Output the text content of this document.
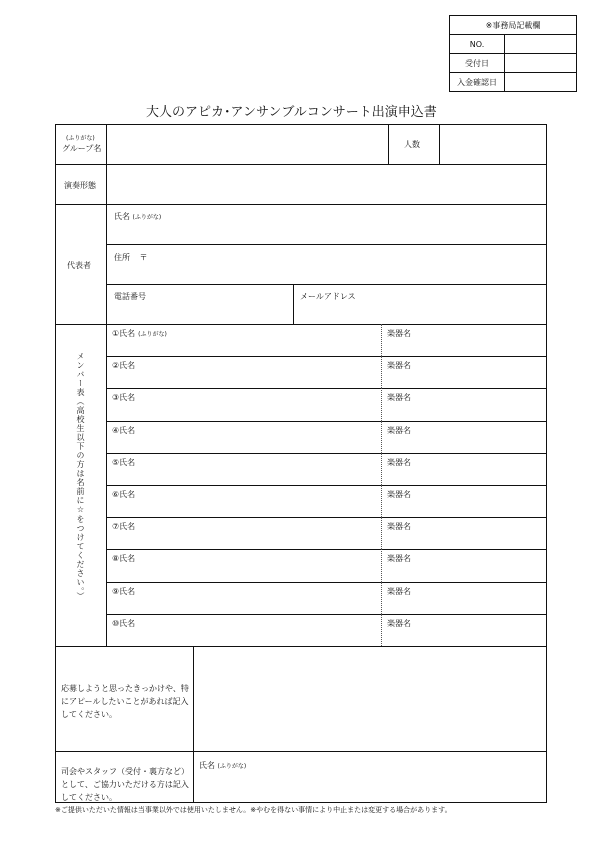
※事務局記載欄	
NO.	
受付日	
入金確認日	
大人のアピカ･アンサンブルコンサート出演申込書
(ふりがな)
グループ名	人数
演奏形態
代表者
氏名 (ふりがな)
住所 〒
電話番号	メールアドレス
メンバー表（高校生以下の方は名前に☆をつけてください。）
①氏名 (ふりがな)	楽器名
②氏名	楽器名
③氏名	楽器名
④氏名	楽器名
⑤氏名	楽器名
⑥氏名	楽器名
⑦氏名	楽器名
⑧氏名	楽器名
⑨氏名	楽器名
⑩氏名	楽器名
応募しようと思ったきっかけや、特にアピールしたいことがあれば記入してください。
司会やスタッフ（受付・裏方など）として、ご協力いただける方は記入してください。
氏名 (ふりがな)
※ご提供いただいた情報は当事業以外では使用いたしません。※やむを得ない事情により中止または変更する場合があります。
